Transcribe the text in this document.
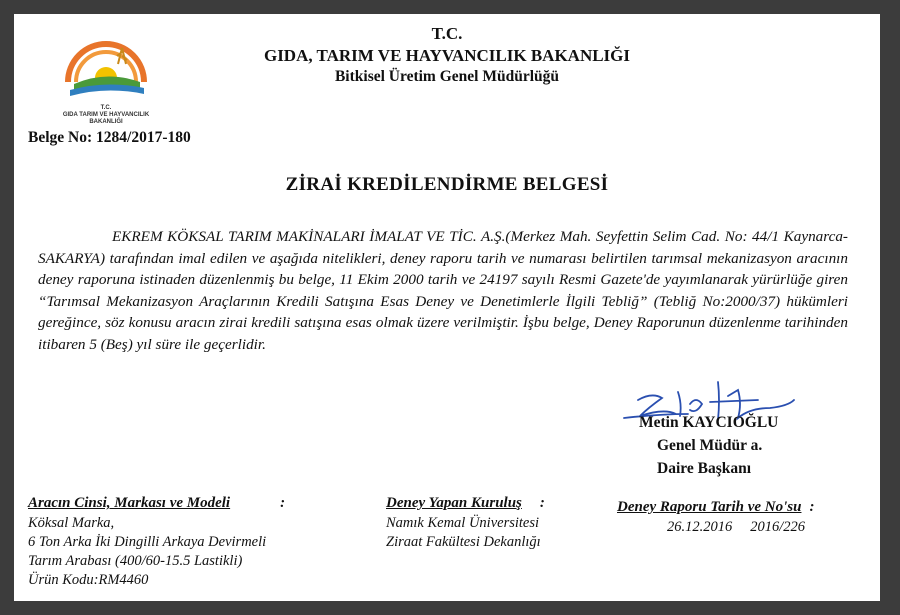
T.C.
GIDA TARIM VE HAYVANCILIK
BAKANLIĞI
T.C.
GIDA, TARIM VE HAYVANCILIK BAKANLIĞI
Bitkisel Üretim Genel Müdürlüğü
Belge No: 1284/2017-180
ZİRAİ KREDİLENDİRME BELGESİ

EKREM KÖKSAL TARIM MAKİNALARI İMALAT VE TİC. A.Ş.(Merkez Mah. Seyfettin Selim Cad. No: 44/1 Kaynarca-SAKARYA) tarafından imal edilen ve aşağıda nitelikleri, deney raporu tarih ve numarası belirtilen tarımsal mekanizasyon aracının deney raporuna istinaden düzenlenmiş bu belge, 11 Ekim 2000 tarih ve 24197 sayılı Resmi Gazete'de yayımlanarak yürürlüğe giren “Tarımsal Mekanizasyon Araçlarının Kredili Satışına Esas Deney ve Denetimlerle İlgili Tebliğ” (Tebliğ No:2000/37) hükümleri gereğince, söz konusu aracın zirai kredili satışına esas olmak üzere verilmiştir. İşbu belge, Deney Raporunun düzenlenme tarihinden itibaren 5 (Beş) yıl süre ile geçerlidir.

Metin KAYCIOĞLU
Genel Müdür a.
Daire Başkanı
Aracın Cinsi, Markası ve Modeli	:
Köksal Marka,
6 Ton Arka İki Dingilli Arkaya Devirmeli
Tarım Arabası (400/60-15.5 Lastikli)
Ürün Kodu:RM4460
Deney Yapan Kuruluş :
Namık Kemal Üniversitesi
Ziraat Fakültesi Dekanlığı
Deney Raporu Tarih ve No'su :
26.12.2016 2016/226
